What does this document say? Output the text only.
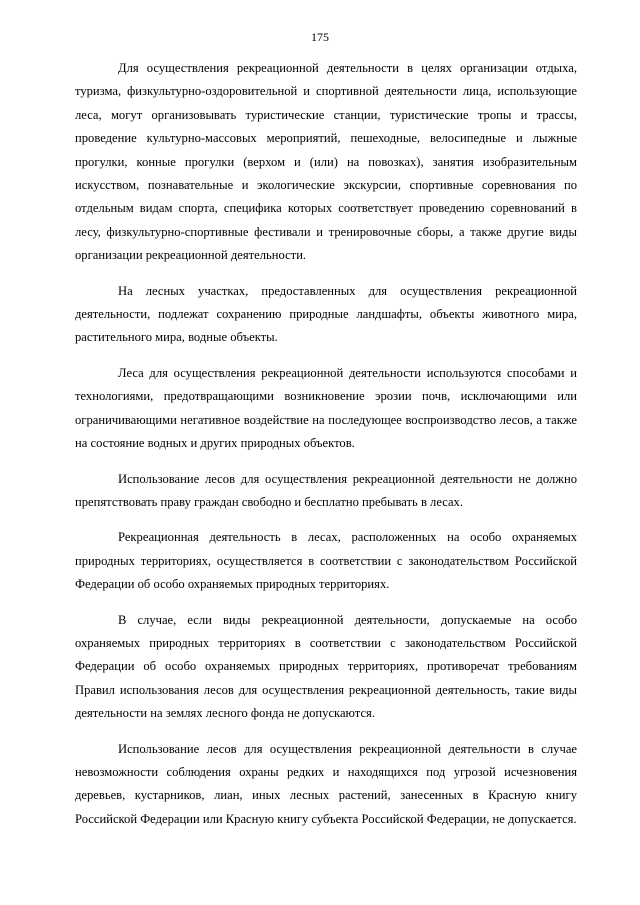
175

Для осуществления рекреационной деятельности в целях организации отдыха, туризма, физкультурно-оздоровительной и спортивной деятельности лица, использующие леса, могут организовывать туристические станции, туристические тропы и трассы, проведение культурно-массовых мероприятий, пешеходные, велосипедные и лыжные прогулки, конные прогулки (верхом и (или) на повозках), занятия изобразительным искусством, познавательные и экологические экскурсии, спортивные соревнования по отдельным видам спорта, специфика которых соответствует проведению соревнований в лесу, физкультурно-спортивные фестивали и тренировочные сборы, а также другие виды организации рекреационной деятельности.

На лесных участках, предоставленных для осуществления рекреационной деятельности, подлежат сохранению природные ландшафты, объекты животного мира, растительного мира, водные объекты.

Леса для осуществления рекреационной деятельности используются способами и технологиями, предотвращающими возникновение эрозии почв, исключающими или ограничивающими негативное воздействие на последующее воспроизводство лесов, а также на состояние водных и других природных объектов.

Использование лесов для осуществления рекреационной деятельности не должно препятствовать праву граждан свободно и бесплатно пребывать в лесах.

Рекреационная деятельность в лесах, расположенных на особо охраняемых природных территориях, осуществляется в соответствии с законодательством Российской Федерации об особо охраняемых природных территориях.

В случае, если виды рекреационной деятельности, допускаемые на особо охраняемых природных территориях в соответствии с законодательством Российской Федерации об особо охраняемых природных территориях, противоречат требованиям Правил использования лесов для осуществления рекреационной деятельность, такие виды деятельности на землях лесного фонда не допускаются.

Использование лесов для осуществления рекреационной деятельности в случае невозможности соблюдения охраны редких и находящихся под угрозой исчезновения деревьев, кустарников, лиан, иных лесных растений, занесенных в Красную книгу Российской Федерации или Красную книгу субъекта Российской Федерации, не допускается.
